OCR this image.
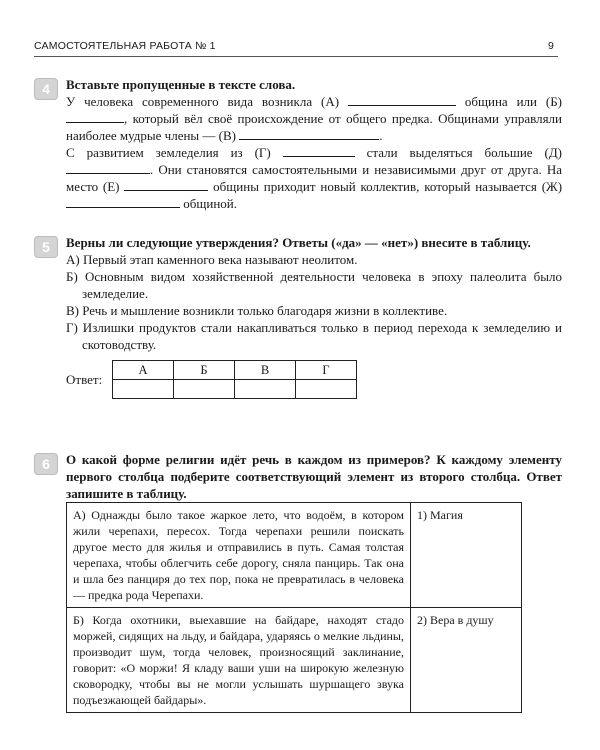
САМОСТОЯТЕЛЬНАЯ РАБОТА № 1	9
4	Вставьте пропущенные в тексте слова.

У человека современного вида возникла (А)	община или (Б) , который вёл своё происхождение от общего предка. Общинами управляли наиболее мудрые члены — (В)	.
С развитием земледелия из (Г)	стали выделяться большие (Д) . Они становятся самостоятельными и независимыми друг от друга. На место (Е)	общины приходит новый коллектив, который называется (Ж)  общиной.

5	Верны ли следующие утверждения? Ответы («да» — «нет») внесите в таблицу.

А) Первый этап каменного века называют неолитом.

Б) Основным видом хозяйственной деятельности человека в эпоху палеолита было земледелие.

В) Речь и мышление возникли только благодаря жизни в коллективе.

Г) Излишки продуктов стали накапливаться только в период перехода к земледелию и скотоводству.

Ответ:
А	Б	В	Г

6	О какой форме религии идёт речь в каждом из примеров? К каждому элементу первого столбца подберите соответствующий элемент из второго столбца. Ответ запишите в таблицу.

А) Однажды было такое жаркое лето, что водоём, в котором жили черепахи, пересох. Тогда черепахи решили поискать другое место для жилья и отправились в путь. Самая толстая черепаха, чтобы облегчить себе дорогу, сняла панцирь. Так она и шла без панциря до тех пор, пока не превратилась в человека — предка рода Черепахи.	1) Магия
Б) Когда охотники, выехавшие на байдаре, находят стадо моржей, сидящих на льду, и байдара, ударяясь о мелкие льдины, производит шум, тогда человек, произносящий заклинание, говорит: «О моржи! Я кладу ваши уши на широкую железную сковородку, чтобы вы не могли услышать шуршащего звука подъезжающей байдары».	2) Вера в душу
